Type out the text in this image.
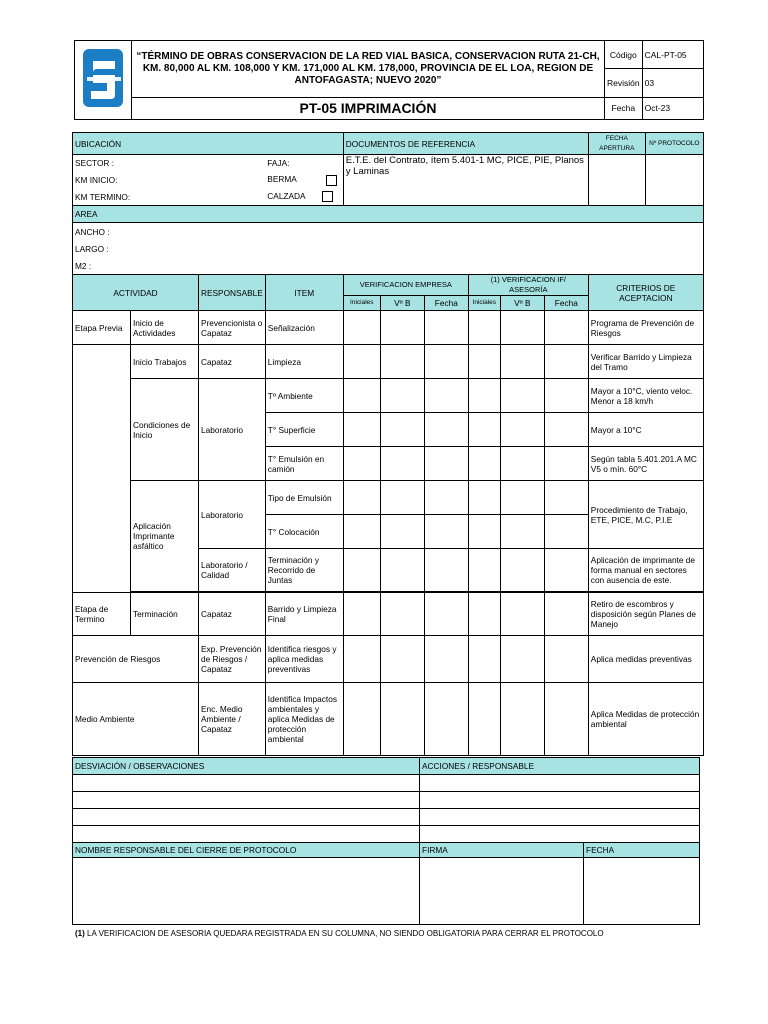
	“TÉRMINO DE OBRAS CONSERVACION DE LA RED VIAL BASICA, CONSERVACION RUTA 21-CH, KM. 80,000 AL KM. 108,000 Y KM. 171,000 AL KM. 178,000, PROVINCIA DE EL LOA, REGION DE ANTOFAGASTA; NUEVO 2020”	Código	CAL-PT-05
		Revisión	03
	PT-05 IMPRIMACIÓN	Fecha	Oct-23
UBICACIÓN				DOCUMENTOS DE REFERENCIA						FECHA APERTURA	Nº PROTOCOLO
SECTOR :			FAJA:	E.T.E. del Contrato, ítem 5.401-1 MC, PICE, PIE, Planos y Laminas							
KM INICIO:			BERMA								
KM TERMINO:			CALZADA								
AREA											
ANCHO :											
LARGO :											
M2 :											
ACTIVIDAD		RESPONSABLE	ITEM	VERIFICACION EMPRESA			(1) VERIFICACION IF/ ASESORÍA			CRITERIOS DE ACEPTACION	
				Iniciales	Vº B	Fecha	Iniciales	Vº B	Fecha		
Etapa Previa	Inicio de Actividades	Prevencionista o Capataz	Señalización							Programa de Prevención de Riesgos	
	Inicio Trabajos	Capataz	Limpieza							Verificar Barrido y Limpieza del Tramo	
	Condiciones de Inicio	Laboratorio	Tº Ambiente							Mayor a 10°C, viento veloc. Menor a 18 km/h	
			T° Superficie							Mayor a 10°C	
			T° Emulsión en camión							Según tabla 5.401.201.A MC V5 o mín. 60°C	
	Aplicación Imprimante asfáltico	Laboratorio	Tipo de Emulsión							Procedimiento de Trabajo, ETE, PICE, M.C, P.I.E	
			T° Colocación								
		Laboratorio / Calidad	Terminación y Recorrido de Juntas							Aplicación de imprimante de forma manual en sectores con ausencia de este.	

Etapa de Termino	Terminación	Capataz	Barrido y Limpieza Final							Retiro de escombros y disposición según Planes de Manejo	
Prevención de Riesgos		Exp. Prevención de Riesgos / Capataz	Identifica riesgos y aplica medidas preventivas							Aplica medidas preventivas	
Medio Ambiente		Enc. Medio Ambiente / Capataz	Identifica Impactos ambientales y aplica Medidas de protección ambiental							Aplica Medidas de protección ambiental	
DESVIACIÓN / OBSERVACIONES	ACCIONES / RESPONSABLE	

NOMBRE RESPONSABLE DEL CIERRE DE PROTOCOLO	FIRMA	FECHA

(1) LA VERIFICACION DE ASESORIA QUEDARA REGISTRADA EN SU COLUMNA, NO SIENDO OBLIGATORIA PARA CERRAR EL PROTOCOLO
